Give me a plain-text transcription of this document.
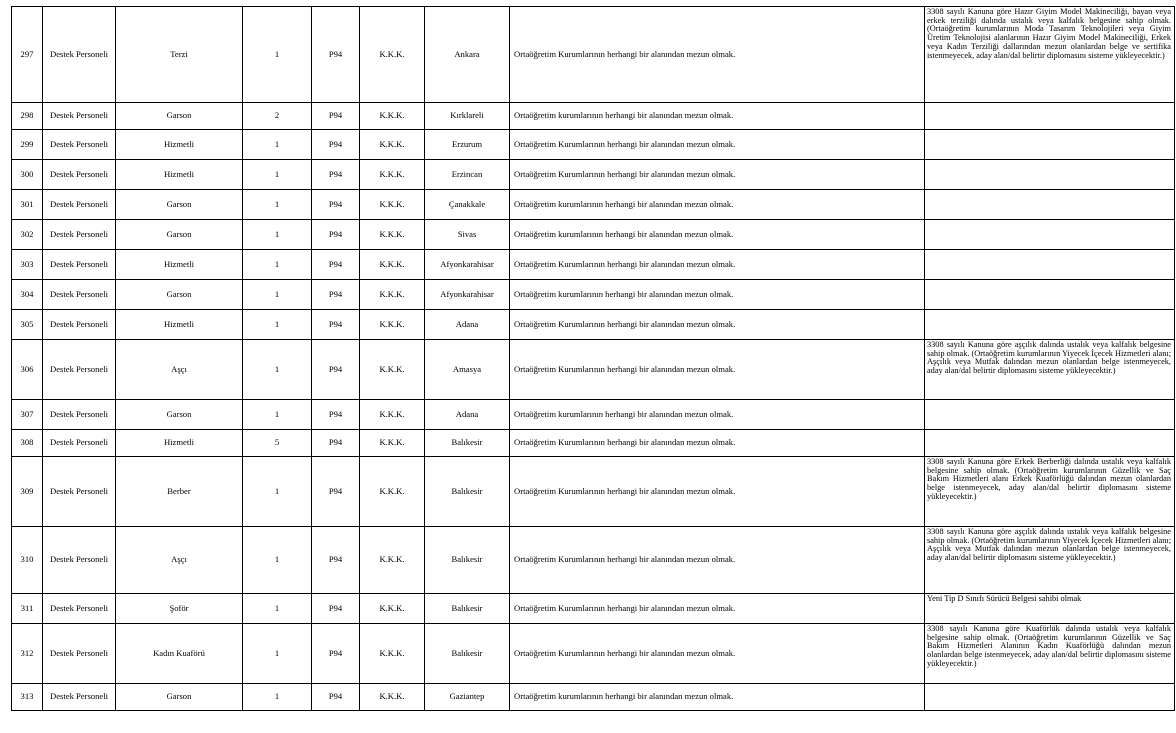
297	Destek Personeli	Terzi	1	P94	K.K.K.	Ankara	Ortaöğretim Kurumlarının herhangi bir alanından mezun olmak.	3308 sayılı Kanuna göre Hazır Giyim Model Makineciliği, bayan veya erkek terziliği dalında ustalık veya kalfalık belgesine sahip olmak. (Ortaöğretim kurumlarının Moda Tasarım Teknolojileri veya Giyim Üretim Teknolojisi alanlarının Hazır Giyim Model Makineciliği, Erkek veya Kadın Terziliği dallarından mezun olanlardan belge ve sertifika istenmeyecek, aday alan/dal belirtir diplomasını sisteme yükleyecektir.)
298	Destek Personeli	Garson	2	P94	K.K.K.	Kırklareli	Ortaöğretim kurumlarının herhangi bir alanından mezun olmak.	
299	Destek Personeli	Hizmetli	1	P94	K.K.K.	Erzurum	Ortaöğretim Kurumlarının herhangi bir alanından mezun olmak.	
300	Destek Personeli	Hizmetli	1	P94	K.K.K.	Erzincan	Ortaöğretim Kurumlarının herhangi bir alanından mezun olmak.	
301	Destek Personeli	Garson	1	P94	K.K.K.	Çanakkale	Ortaöğretim kurumlarının herhangi bir alanından mezun olmak.	
302	Destek Personeli	Garson	1	P94	K.K.K.	Sivas	Ortaöğretim kurumlarının herhangi bir alanından mezun olmak.	
303	Destek Personeli	Hizmetli	1	P94	K.K.K.	Afyonkarahisar	Ortaöğretim Kurumlarının herhangi bir alanından mezun olmak.	
304	Destek Personeli	Garson	1	P94	K.K.K.	Afyonkarahisar	Ortaöğretim kurumlarının herhangi bir alanından mezun olmak.	
305	Destek Personeli	Hizmetli	1	P94	K.K.K.	Adana	Ortaöğretim Kurumlarının herhangi bir alanından mezun olmak.	
306	Destek Personeli	Aşçı	1	P94	K.K.K.	Amasya	Ortaöğretim Kurumlarının herhangi bir alanından mezun olmak.	3308 sayılı Kanuna göre aşçılık dalında ustalık veya kalfalık belgesine sahip olmak. (Ortaöğretim kurumlarının Yiyecek İçecek Hizmetleri alanı; Aşçılık veya Mutfak dalından mezun olanlardan belge istenmeyecek, aday alan/dal belirtir diplomasını sisteme yükleyecektir.)
307	Destek Personeli	Garson	1	P94	K.K.K.	Adana	Ortaöğretim kurumlarının herhangi bir alanından mezun olmak.	
308	Destek Personeli	Hizmetli	5	P94	K.K.K.	Balıkesir	Ortaöğretim Kurumlarının herhangi bir alanından mezun olmak.	
309	Destek Personeli	Berber	1	P94	K.K.K.	Balıkesir	Ortaöğretim Kurumlarının herhangi bir alanından mezun olmak.	3308 sayılı Kanuna göre Erkek Berberliği dalında ustalık veya kalfalık belgesine sahip olmak. (Ortaöğretim kurumlarının Güzellik ve Saç Bakım Hizmetleri alanı Erkek Kuaförlüğü dalından mezun olanlardan belge istenmeyecek, aday alan/dal belirtir diplomasını sisteme yükleyecektir.)
310	Destek Personeli	Aşçı	1	P94	K.K.K.	Balıkesir	Ortaöğretim Kurumlarının herhangi bir alanından mezun olmak.	3308 sayılı Kanuna göre aşçılık dalında ustalık veya kalfalık belgesine sahip olmak. (Ortaöğretim kurumlarının Yiyecek İçecek Hizmetleri alanı; Aşçılık veya Mutfak dalından mezun olanlardan belge istenmeyecek, aday alan/dal belirtir diplomasını sisteme yükleyecektir.)
311	Destek Personeli	Şoför	1	P94	K.K.K.	Balıkesir	Ortaöğretim Kurumlarının herhangi bir alanından mezun olmak.	Yeni Tip D Sınıfı Sürücü Belgesi sahibi olmak
312	Destek Personeli	Kadın Kuaförü	1	P94	K.K.K.	Balıkesir	Ortaöğretim Kurumlarının herhangi bir alanından mezun olmak.	3308 sayılı Kanuna göre Kuaförlük dalında ustalık veya kalfalık belgesine sahip olmak. (Ortaöğretim kurumlarının Güzellik ve Saç Bakım Hizmetleri Alanının Kadın Kuaförlüğü dalından mezun olanlardan belge istenmeyecek, aday alan/dal belirtir diplomasını sisteme yükleyecektir.)
313	Destek Personeli	Garson	1	P94	K.K.K.	Gaziantep	Ortaöğretim kurumlarının herhangi bir alanından mezun olmak.	
